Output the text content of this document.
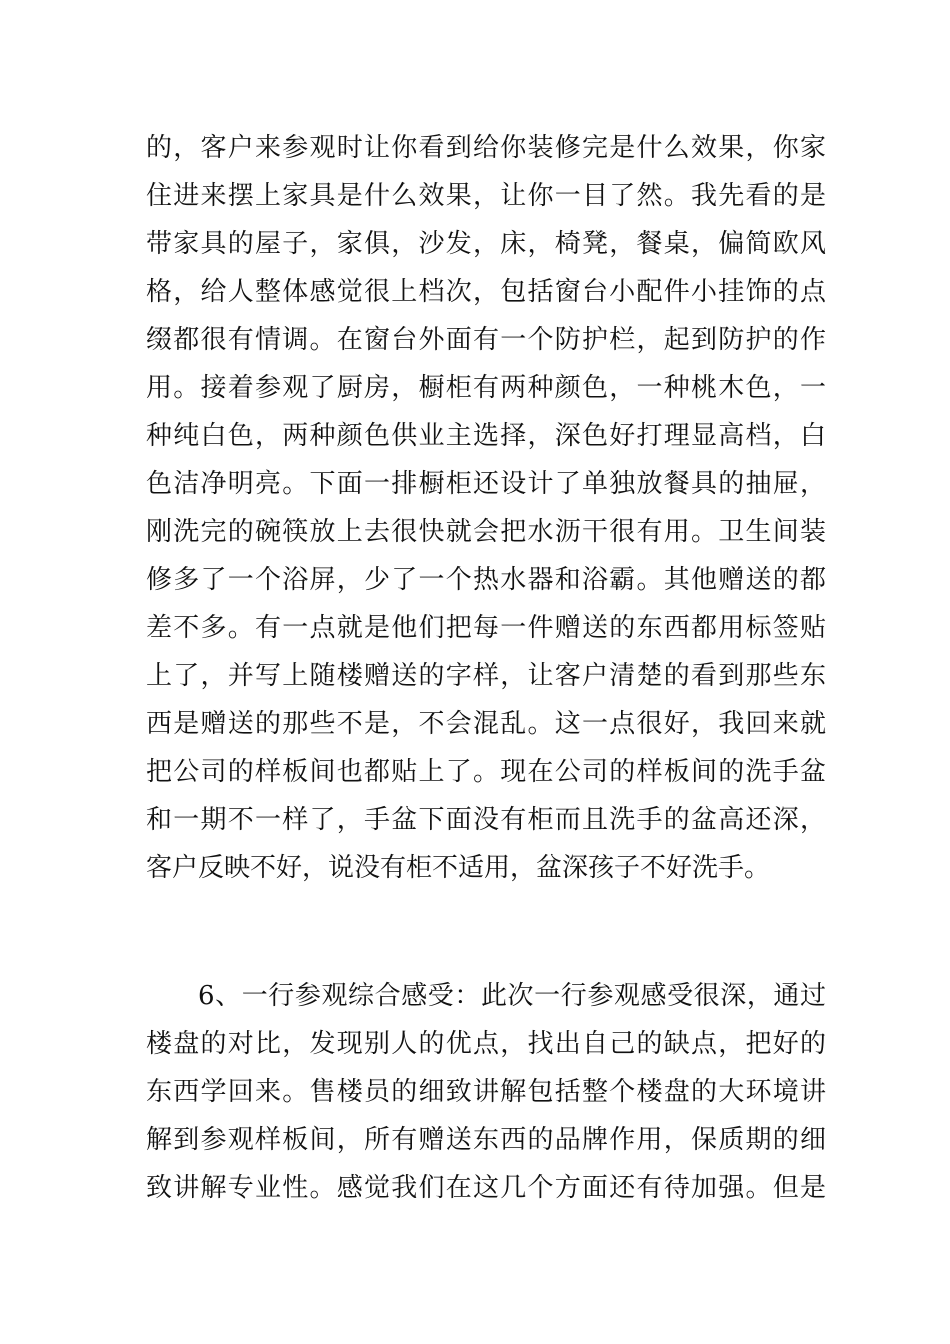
的，客户来参观时让你看到给你装修完是什么效果，你家
住进来摆上家具是什么效果，让你一目了然。我先看的是
带家具的屋子，家俱，沙发，床，椅凳，餐桌，偏简欧风
格，给人整体感觉很上档次，包括窗台小配件小挂饰的点
缀都很有情调。在窗台外面有一个防护栏，起到防护的作
用。接着参观了厨房，橱柜有两种颜色，一种桃木色，一
种纯白色，两种颜色供业主选择，深色好打理显高档，白
色洁净明亮。下面一排橱柜还设计了单独放餐具的抽屉，
刚洗完的碗筷放上去很快就会把水沥干很有用。卫生间装
修多了一个浴屏，少了一个热水器和浴霸。其他赠送的都
差不多。有一点就是他们把每一件赠送的东西都用标签贴
上了，并写上随楼赠送的字样，让客户清楚的看到那些东
西是赠送的那些不是，不会混乱。这一点很好，我回来就
把公司的样板间也都贴上了。现在公司的样板间的洗手盆
和一期不一样了，手盆下面没有柜而且洗手的盆高还深，
客户反映不好，说没有柜不适用，盆深孩子不好洗手。
6、一行参观综合感受：此次一行参观感受很深，通过
楼盘的对比，发现别人的优点，找出自己的缺点，把好的
东西学回来。售楼员的细致讲解包括整个楼盘的大环境讲
解到参观样板间，所有赠送东西的品牌作用，保质期的细
致讲解专业性。感觉我们在这几个方面还有待加强。但是
